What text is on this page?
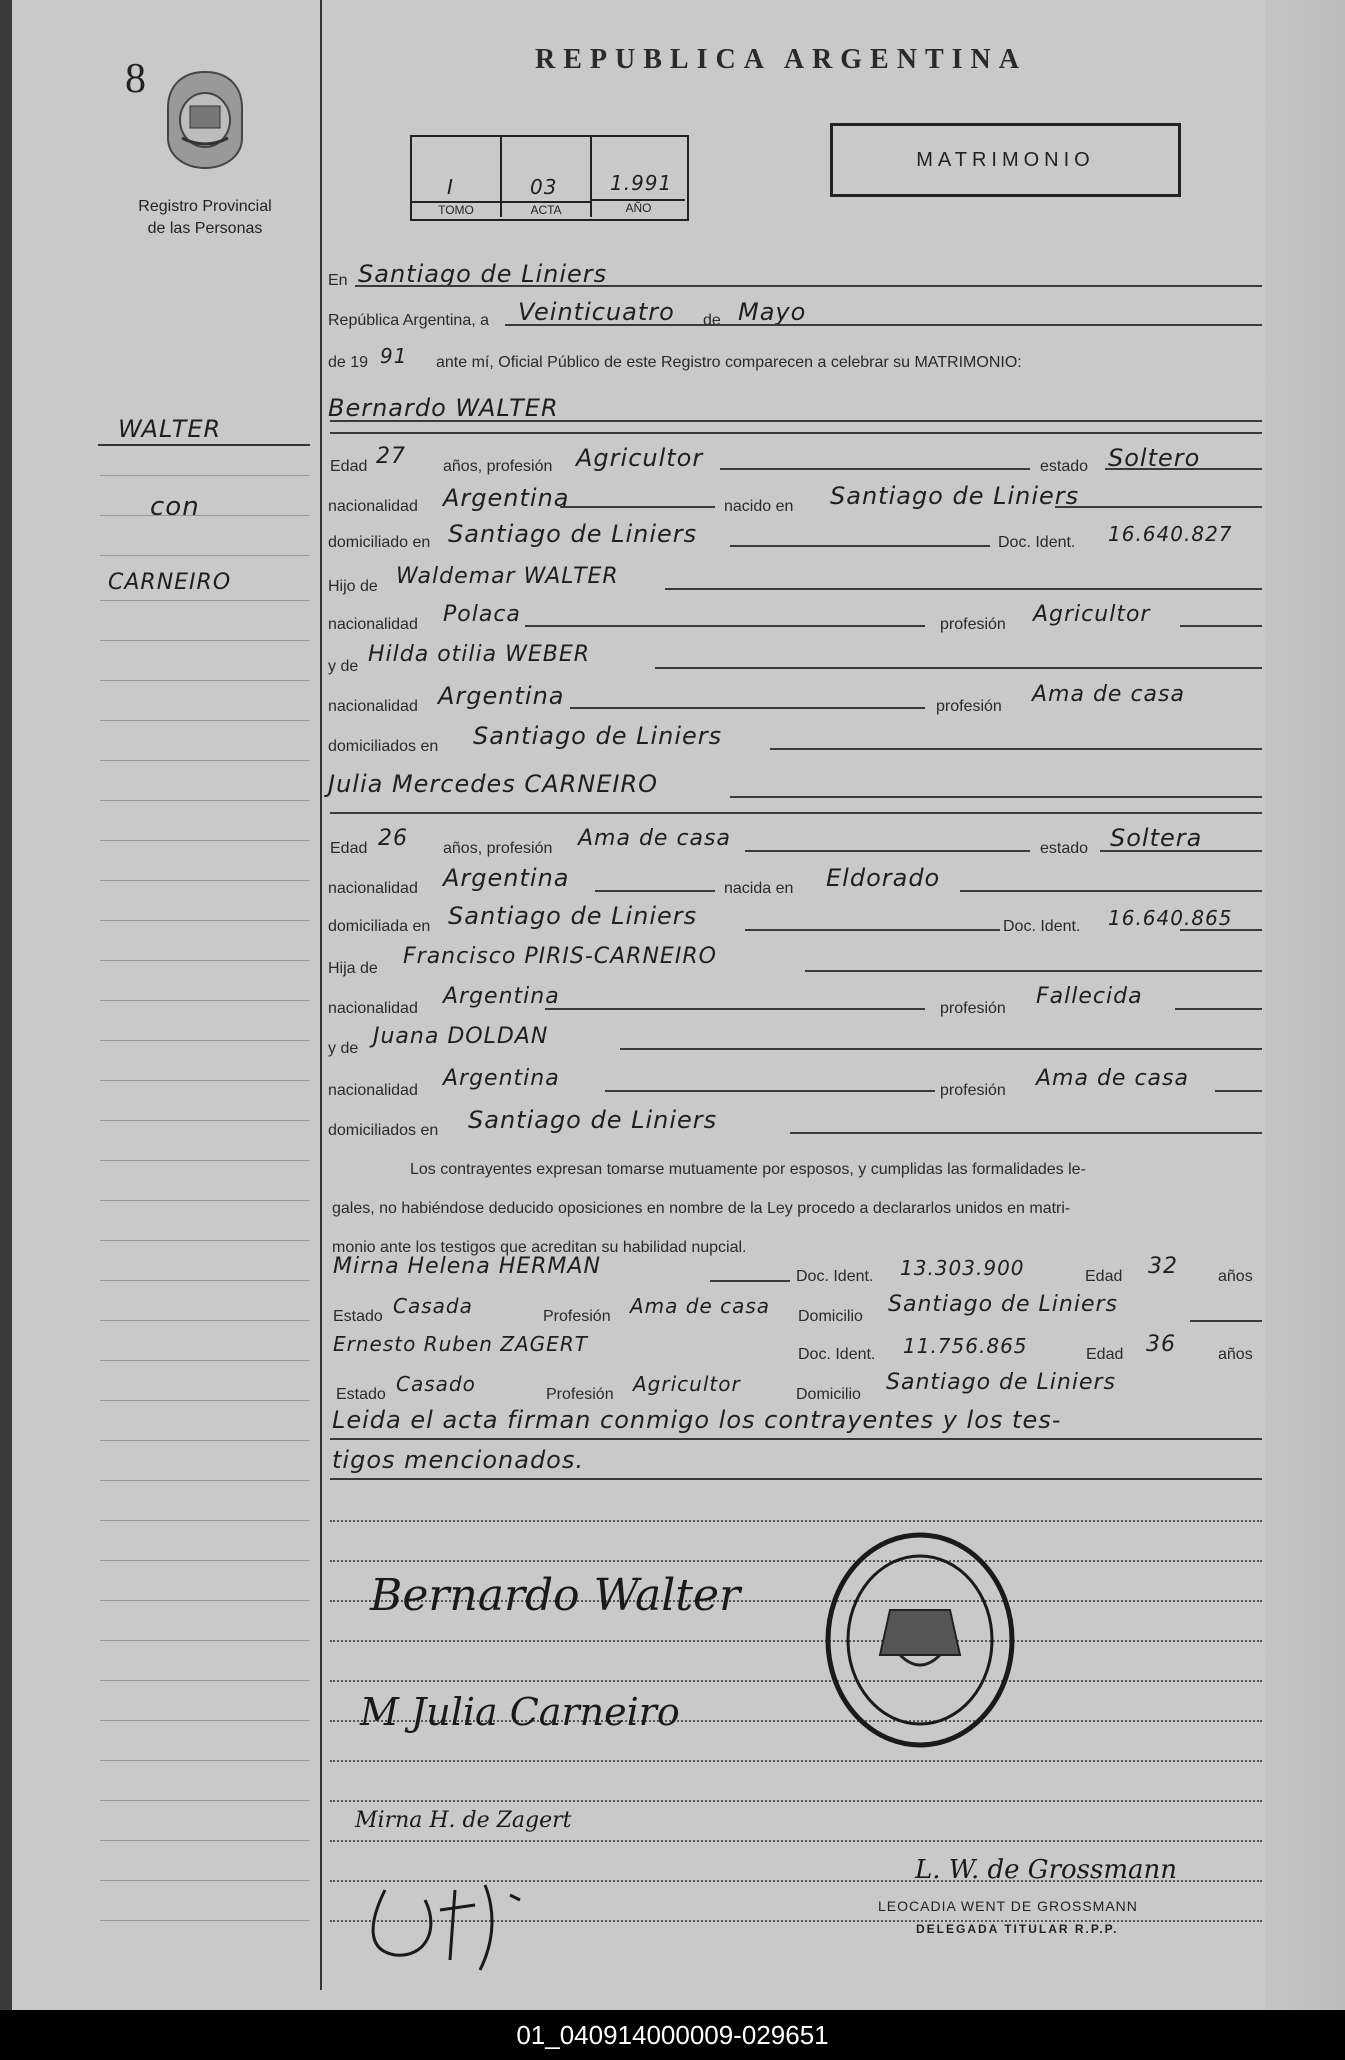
8
Registro Provincial
de las Personas
WALTER
con
CARNEIRO
REPUBLICA ARGENTINA
I
TOMO
03
ACTA
1.991
AÑO
MATRIMONIO
En Santiago de Liniers
República Argentina, a Veinticuatro de Mayo
de 19 91 ante mí, Oficial Público de este Registro comparecen a celebrar su MATRIMONIO:
Bernardo WALTER
Edad 27 años, profesión Agricultor	estado Soltero
nacionalidad Argentina	nacido en Santiago de Liniers
domiciliado en Santiago de Liniers	Doc. Ident. 16.640.827
Hijo de Waldemar WALTER
nacionalidad Polaca	profesión Agricultor
y de Hilda otilia WEBER
nacionalidad Argentina	profesión Ama de casa
domiciliados en Santiago de Liniers
Julia Mercedes CARNEIRO
Edad 26 años, profesión Ama de casa	estado Soltera
nacionalidad Argentina	nacida en Eldorado
domiciliada en Santiago de Liniers	Doc. Ident. 16.640.865
Hija de Francisco PIRIS-CARNEIRO
nacionalidad Argentina	profesión Fallecida
y de Juana DOLDAN
nacionalidad Argentina	profesión Ama de casa
domiciliados en Santiago de Liniers
Los contrayentes expresan tomarse mutuamente por esposos, y cumplidas las formalidades le-
gales, no habiéndose deducido oposiciones en nombre de la Ley procedo a declararlos unidos en matri-
monio ante los testigos que acreditan su habilidad nupcial.
Mirna Helena HERMAN	Doc. Ident. 13.303.900	Edad 32	años
Estado Casada	Profesión Ama de casa Domicilio Santiago de Liniers
Ernesto Ruben ZAGERT	Doc. Ident. 11.756.865	Edad 36	años
Estado Casado	Profesión Agricultor	Domicilio Santiago de Liniers
Leida el acta firman conmigo los contrayentes y los tes-
tigos mencionados.
Bernardo Walter
M Julia Carneiro
Mirna H. de Zagert
L. W. de Grossmann
LEOCADIA WENT DE GROSSMANN
DELEGADA TITULAR R.P.P.
01_040914000009-029651
